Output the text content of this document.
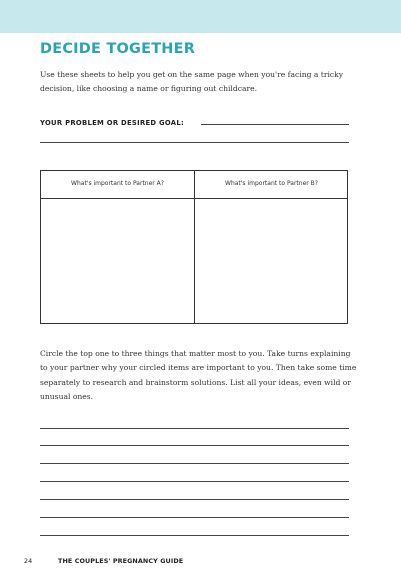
DECIDE TOGETHER
Use these sheets to help you get on the same page when you're facing a tricky decision, like choosing a name or figuring out childcare.
YOUR PROBLEM OR DESIRED GOAL:
What's important to Partner A?	What's important to Partner B?
Circle the top one to three things that matter most to you. Take turns explaining to your partner why your circled items are important to you. Then take some time separately to research and brainstorm solutions. List all your ideas, even wild or unusual ones.
24	THE COUPLES' PREGNANCY GUIDE
